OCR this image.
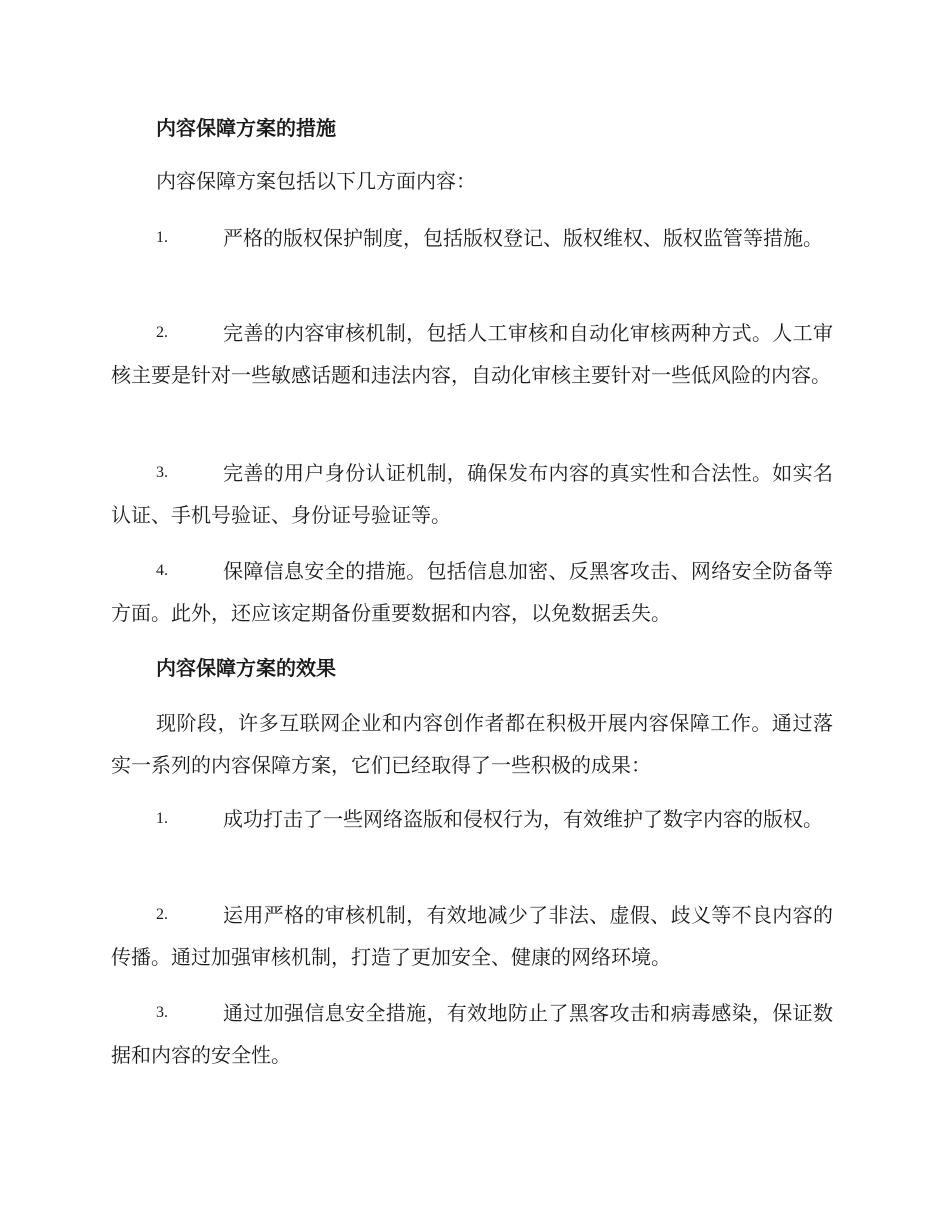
内容保障方案的措施

内容保障方案包括以下几方面内容：

1.	严格的版权保护制度，包括版权登记、版权维权、版权监管等措施。

2.	完善的内容审核机制，包括人工审核和自动化审核两种方式。人工审核主要是针对一些敏感话题和违法内容，自动化审核主要针对一些低风险的内容。

3.	完善的用户身份认证机制，确保发布内容的真实性和合法性。如实名认证、手机号验证、身份证号验证等。

4.	保障信息安全的措施。包括信息加密、反黑客攻击、网络安全防备等方面。此外，还应该定期备份重要数据和内容，以免数据丢失。

内容保障方案的效果

现阶段，许多互联网企业和内容创作者都在积极开展内容保障工作。通过落实一系列的内容保障方案，它们已经取得了一些积极的成果：

1.	成功打击了一些网络盗版和侵权行为，有效维护了数字内容的版权。

2.	运用严格的审核机制，有效地减少了非法、虚假、歧义等不良内容的传播。通过加强审核机制，打造了更加安全、健康的网络环境。

3.	通过加强信息安全措施，有效地防止了黑客攻击和病毒感染，保证数据和内容的安全性。
